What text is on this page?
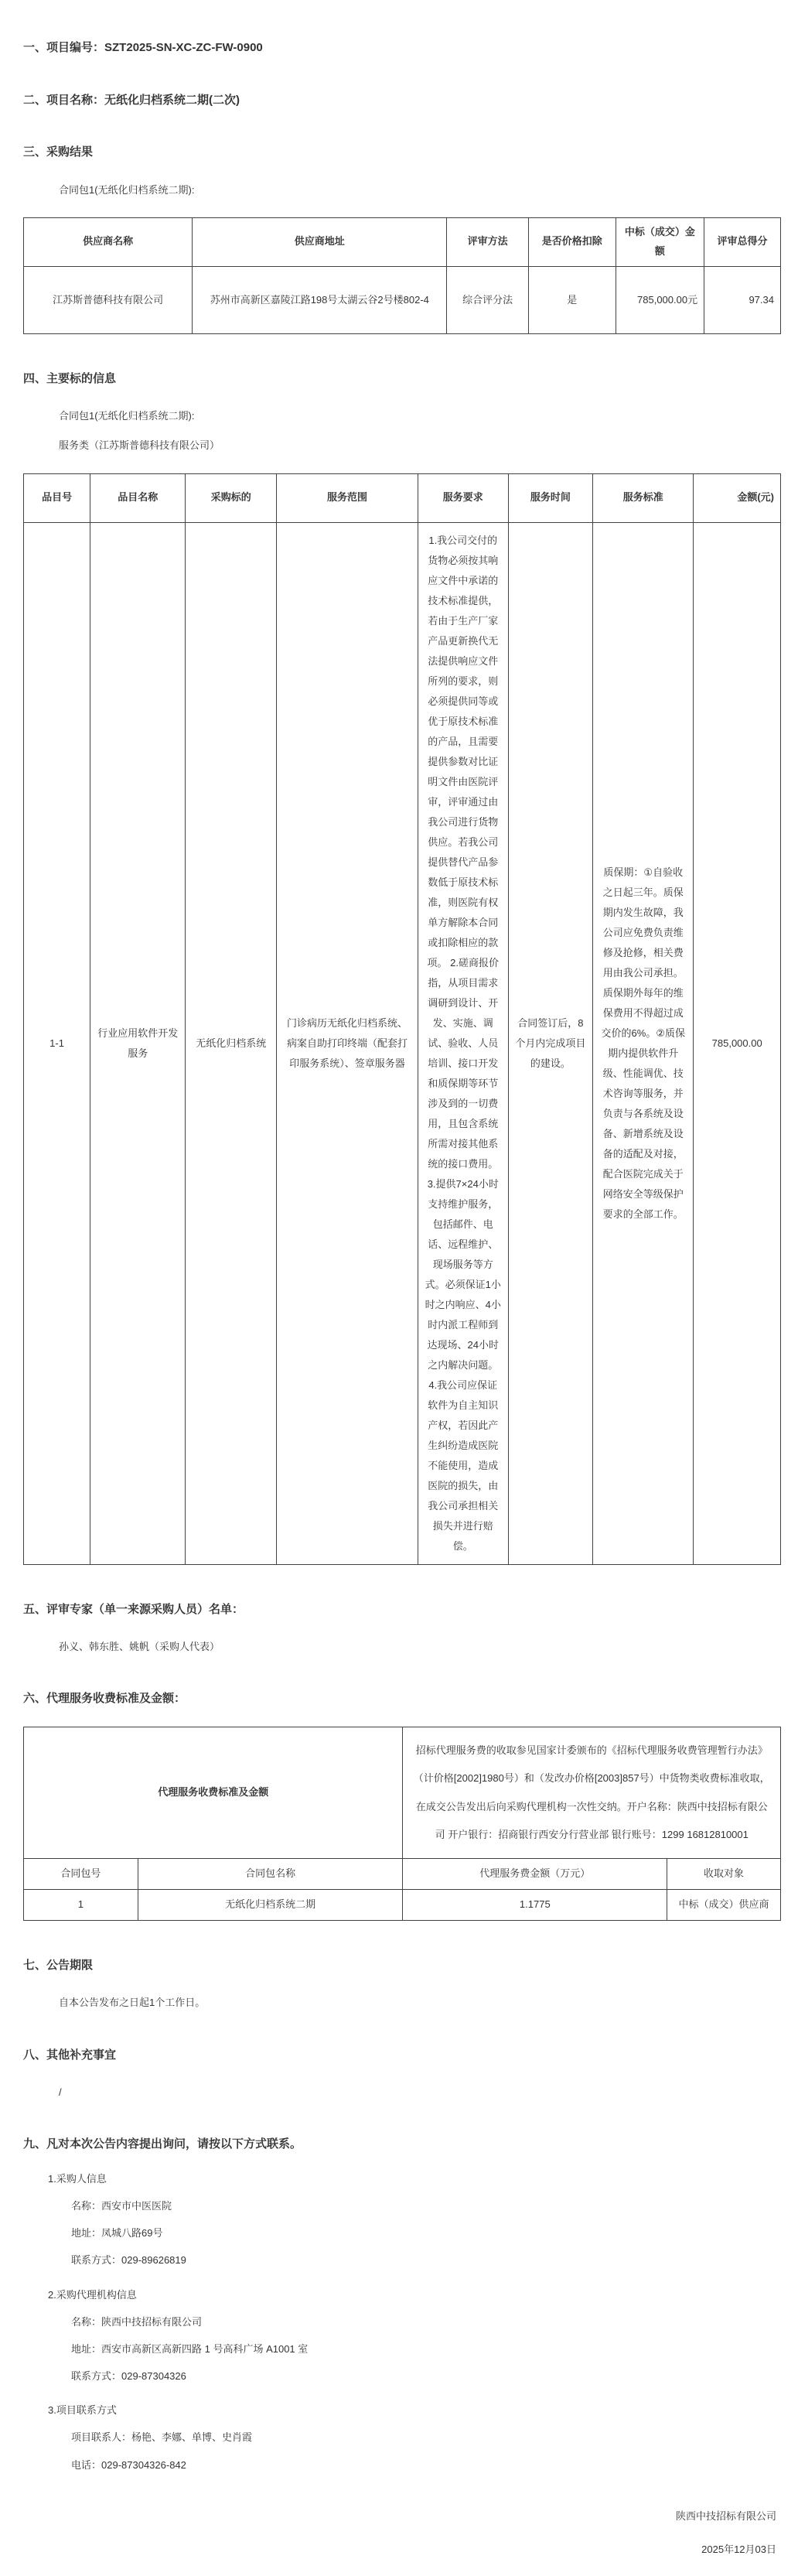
一、项目编号：SZT2025-SN-XC-ZC-FW-0900
二、项目名称：无纸化归档系统二期(二次)
三、采购结果

合同包1(无纸化归档系统二期):

供应商名称	供应商地址	评审方法	是否价格扣除	中标（成交）金额	评审总得分
江苏斯普德科技有限公司	苏州市高新区嘉陵江路198号太湖云谷2号楼802-4	综合评分法	是	785,000.00元	97.34
四、主要标的信息

合同包1(无纸化归档系统二期):

服务类（江苏斯普德科技有限公司）

品目号	品目名称	采购标的	服务范围	服务要求	服务时间	服务标准	金额(元)
1-1	行业应用软件开发服务	无纸化归档系统	门诊病历无纸化归档系统、病案自助打印终端（配套打印服务系统）、签章服务器	1.我公司交付的货物必须按其响应文件中承诺的技术标准提供，若由于生产厂家产品更新换代无法提供响应文件所列的要求，则必须提供同等或优于原技术标准的产品，且需要提供参数对比证明文件由医院评审，评审通过由我公司进行货物供应。若我公司提供替代产品参数低于原技术标准，则医院有权单方解除本合同或扣除相应的款项。 2.磋商报价指，从项目需求调研到设计、开发、实施、调试、验收、人员培训、接口开发和质保期等环节涉及到的一切费用，且包含系统所需对接其他系统的接口费用。 3.提供7×24小时支持维护服务，包括邮件、电话、远程维护、现场服务等方式。必须保证1小时之内响应、4小时内派工程师到达现场、24小时之内解决问题。 4.我公司应保证软件为自主知识产权，若因此产生纠纷造成医院不能使用，造成医院的损失，由我公司承担相关损失并进行赔偿。	合同签订后，8个月内完成项目的建设。	质保期：①自验收之日起三年。质保期内发生故障，我公司应免费负责维修及抢修，相关费用由我公司承担。质保期外每年的维保费用不得超过成交价的6%。②质保期内提供软件升级、性能调优、技术咨询等服务，并负责与各系统及设备、新增系统及设备的适配及对接，配合医院完成关于网络安全等级保护要求的全部工作。	785,000.00
五、评审专家（单一来源采购人员）名单：

孙义、韩东胜、姚帆（采购人代表）

六、代理服务收费标准及金额：
代理服务收费标准及金额		招标代理服务费的收取参见国家计委颁布的《招标代理服务收费管理暂行办法》（计价格[2002]1980号）和（发改办价格[2003]857号）中货物类收费标准收取，在成交公告发出后向采购代理机构一次性交纳。开户名称：陕西中技招标有限公司 开户银行：招商银行西安分行营业部 银行账号：1299 16812810001	
合同包号	合同包名称	代理服务费金额（万元）	收取对象
1	无纸化归档系统二期	1.1775	中标（成交）供应商
七、公告期限

自本公告发布之日起1个工作日。

八、其他补充事宜

/

九、凡对本次公告内容提出询问，请按以下方式联系。

1.采购人信息

名称：西安市中医医院

地址：凤城八路69号

联系方式：029-89626819

2.采购代理机构信息

名称：陕西中技招标有限公司

地址：西安市高新区高新四路 1 号高科广场 A1001 室

联系方式：029-87304326

3.项目联系方式

项目联系人：杨艳、李娜、单博、史肖霞

电话：029-87304326-842

陕西中技招标有限公司
2025年12月03日
